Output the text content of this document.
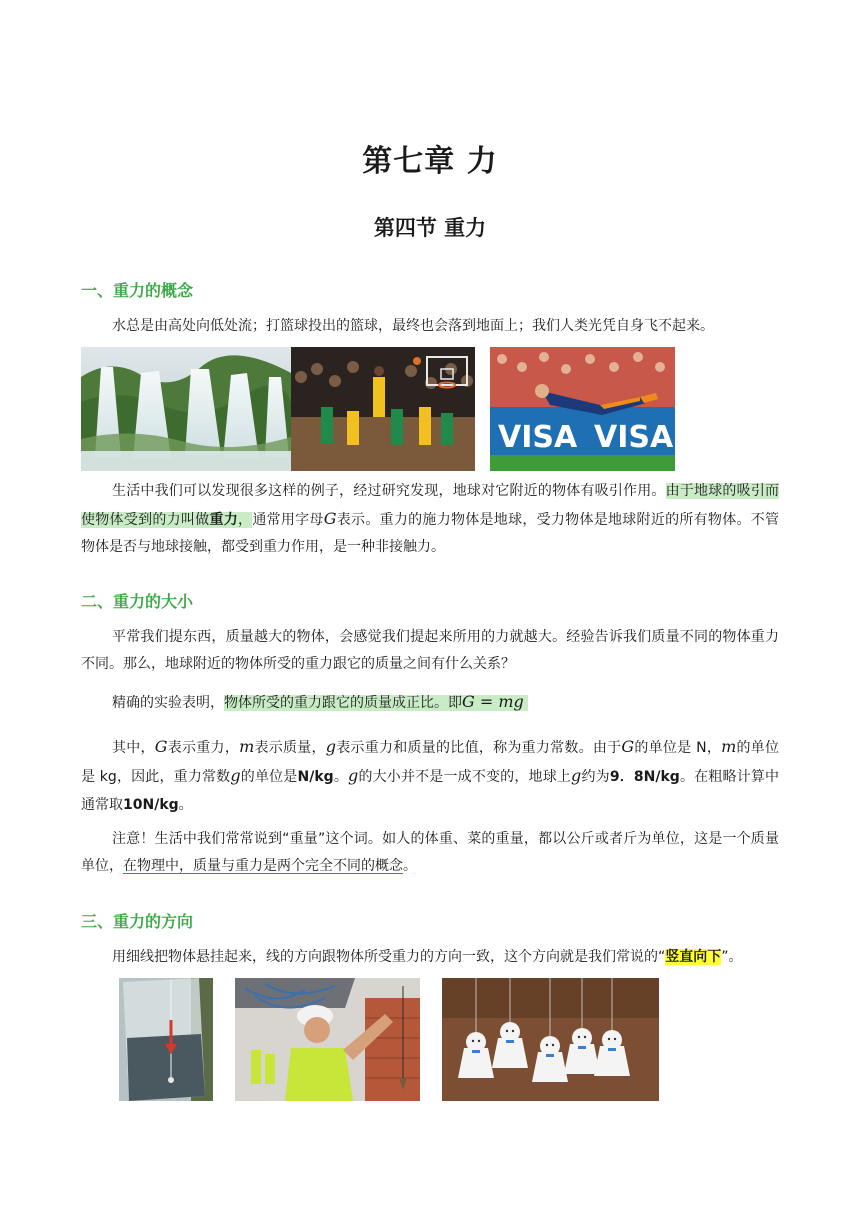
第七章 力
第四节 重力
一、重力的概念
水总是由高处向低处流；打篮球投出的篮球，最终也会落到地面上；我们人类光凭自身飞不起来。
VISA VISA
生活中我们可以发现很多这样的例子，经过研究发现，地球对它附近的物体有吸引作用。由于地球的吸引而使物体受到的力叫做重力，通常用字母G表示。重力的施力物体是地球，受力物体是地球附近的所有物体。不管物体是否与地球接触，都受到重力作用，是一种非接触力。
二、重力的大小
平常我们提东西，质量越大的物体，会感觉我们提起来所用的力就越大。经验告诉我们质量不同的物体重力不同。那么，地球附近的物体所受的重力跟它的质量之间有什么关系？
精确的实验表明，物体所受的重力跟它的质量成正比。即G = mg
其中，G表示重力，m表示质量，g表示重力和质量的比值，称为重力常数。由于G的单位是 N，m的单位是 kg，因此，重力常数g的单位是N/kg。g的大小并不是一成不变的，地球上g约为9．8N/kg。在粗略计算中通常取10N/kg。
注意！生活中我们常常说到“重量”这个词。如人的体重、菜的重量，都以公斤或者斤为单位，这是一个质量单位，在物理中，质量与重力是两个完全不同的概念。
三、重力的方向
用细线把物体悬挂起来，线的方向跟物体所受重力的方向一致，这个方向就是我们常说的“竖直向下”。
